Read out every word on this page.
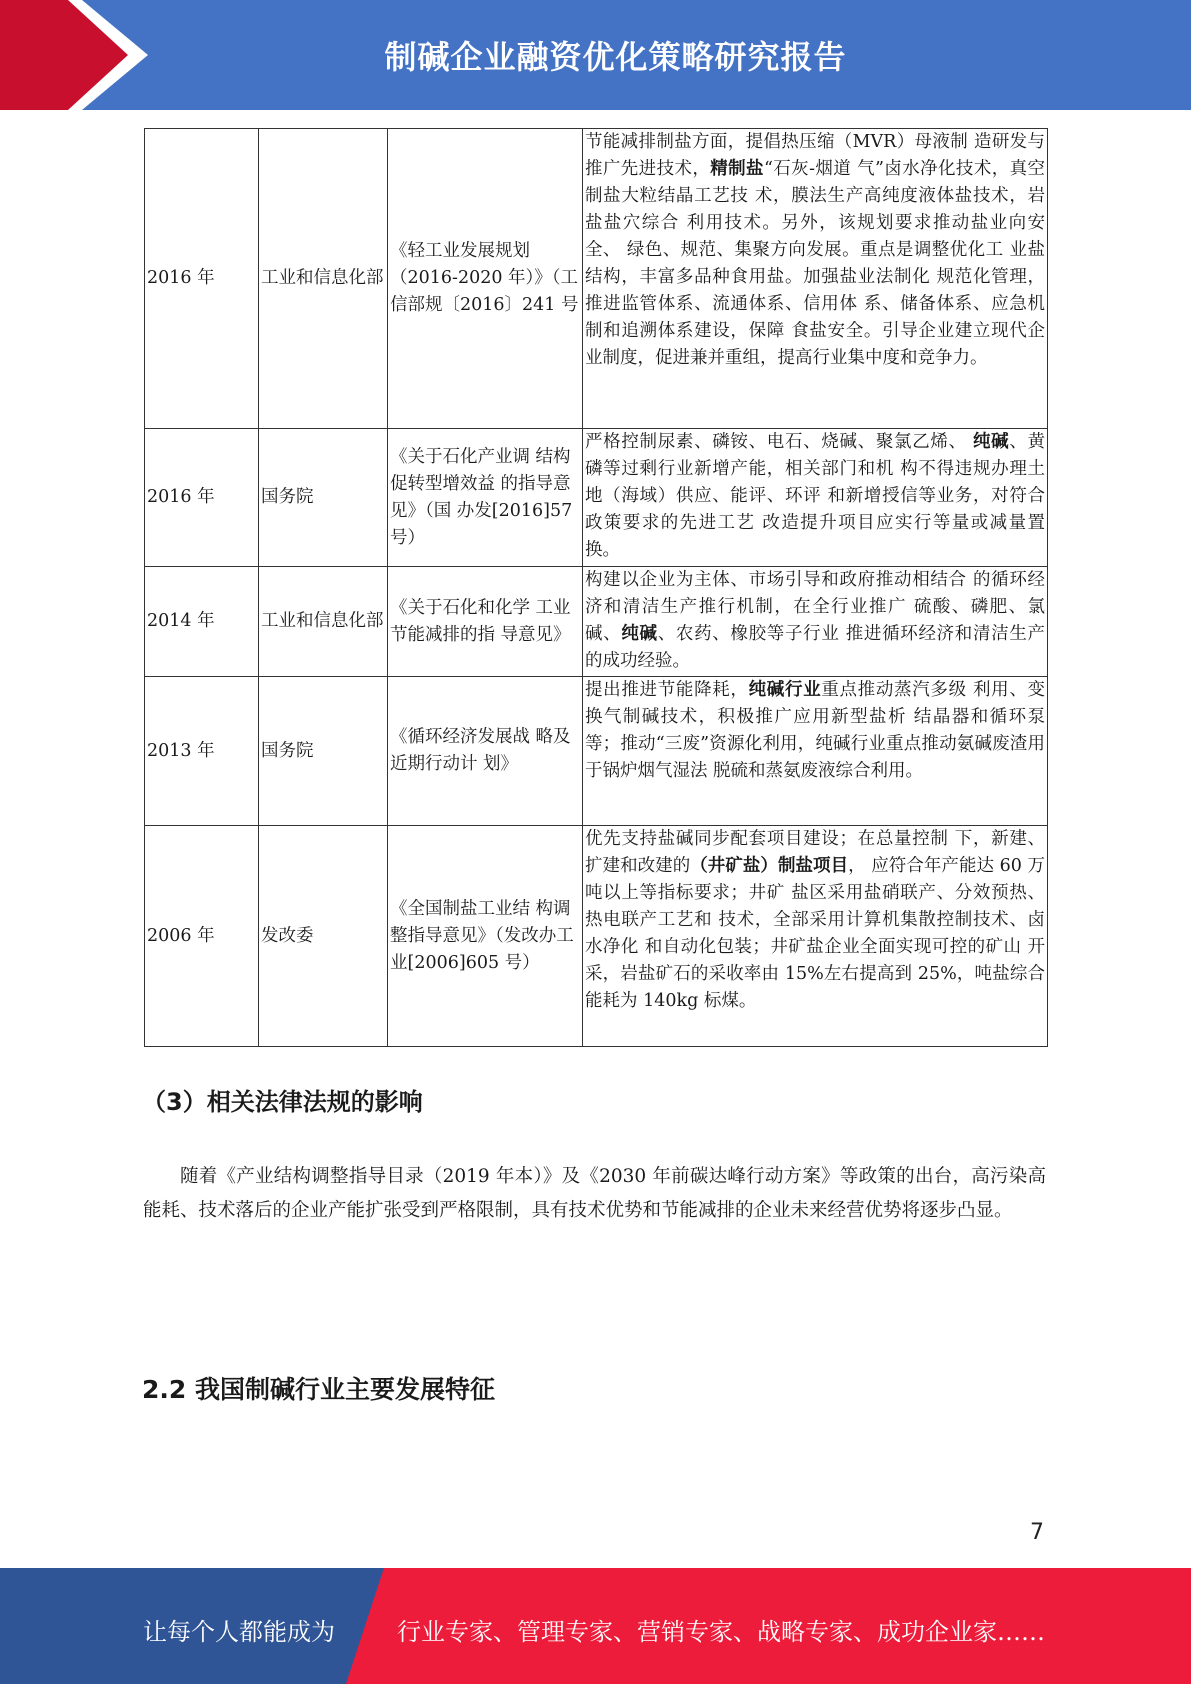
制碱企业融资优化策略研究报告
2016 年	工业和信息化部	《轻工业发展规划（2016-2020 年）》（工信部规〔2016〕241 号	节能减排制盐方面，提倡热压缩（MVR）母液制 造研发与推广先进技术，精制盐“石灰-烟道 气”卤水净化技术，真空制盐大粒结晶工艺技 术，膜法生产高纯度液体盐技术，岩盐盐穴综合 利用技术。另外，该规划要求推动盐业向安全、 绿色、规范、集聚方向发展。重点是调整优化工 业盐结构，丰富多品种食用盐。加强盐业法制化 规范化管理，推进监管体系、流通体系、信用体 系、储备体系、应急机制和追溯体系建设，保障 食盐安全。引导企业建立现代企业制度，促进兼并重组，提高行业集中度和竞争力。
2016 年	国务院	《关于石化产业调 结构促转型增效益 的指导意见》（国 办发[2016]57 号）	严格控制尿素、磷铵、电石、烧碱、聚氯乙烯、 纯碱、黄磷等过剩行业新增产能，相关部门和机 构不得违规办理土地（海域）供应、能评、环评 和新增授信等业务，对符合政策要求的先进工艺 改造提升项目应实行等量或减量置换。
2014 年	工业和信息化部	《关于石化和化学 工业节能减排的指 导意见》	构建以企业为主体、市场引导和政府推动相结合 的循环经济和清洁生产推行机制，在全行业推广 硫酸、磷肥、氯碱、纯碱、农药、橡胶等子行业 推进循环经济和清洁生产的成功经验。
2013 年	国务院	《循环经济发展战 略及近期行动计 划》	提出推进节能降耗，纯碱行业重点推动蒸汽多级 利用、变换气制碱技术，积极推广应用新型盐析 结晶器和循环泵等；推动“三废”资源化利用，纯碱行业重点推动氨碱废渣用于锅炉烟气湿法 脱硫和蒸氨废液综合利用。
2006 年	发改委	《全国制盐工业结 构调整指导意见》（发改办工业[2006]605 号）	优先支持盐碱同步配套项目建设；在总量控制 下，新建、扩建和改建的（井矿盐）制盐项目， 应符合年产能达 60 万吨以上等指标要求；井矿 盐区采用盐硝联产、分效预热、热电联产工艺和 技术，全部采用计算机集散控制技术、卤水净化 和自动化包装；井矿盐企业全面实现可控的矿山 开采，岩盐矿石的采收率由 15%左右提高到 25%，吨盐综合能耗为 140kg 标煤。
（3）相关法律法规的影响
随着《产业结构调整指导目录（2019 年本）》及《2030 年前碳达峰行动方案》等政策的出台，高污染高能耗、技术落后的企业产能扩张受到严格限制，具有技术优势和节能减排的企业未来经营优势将逐步凸显。
2.2 我国制碱行业主要发展特征
7
让每个人都能成为	行业专家、管理专家、营销专家、战略专家、成功企业家……
